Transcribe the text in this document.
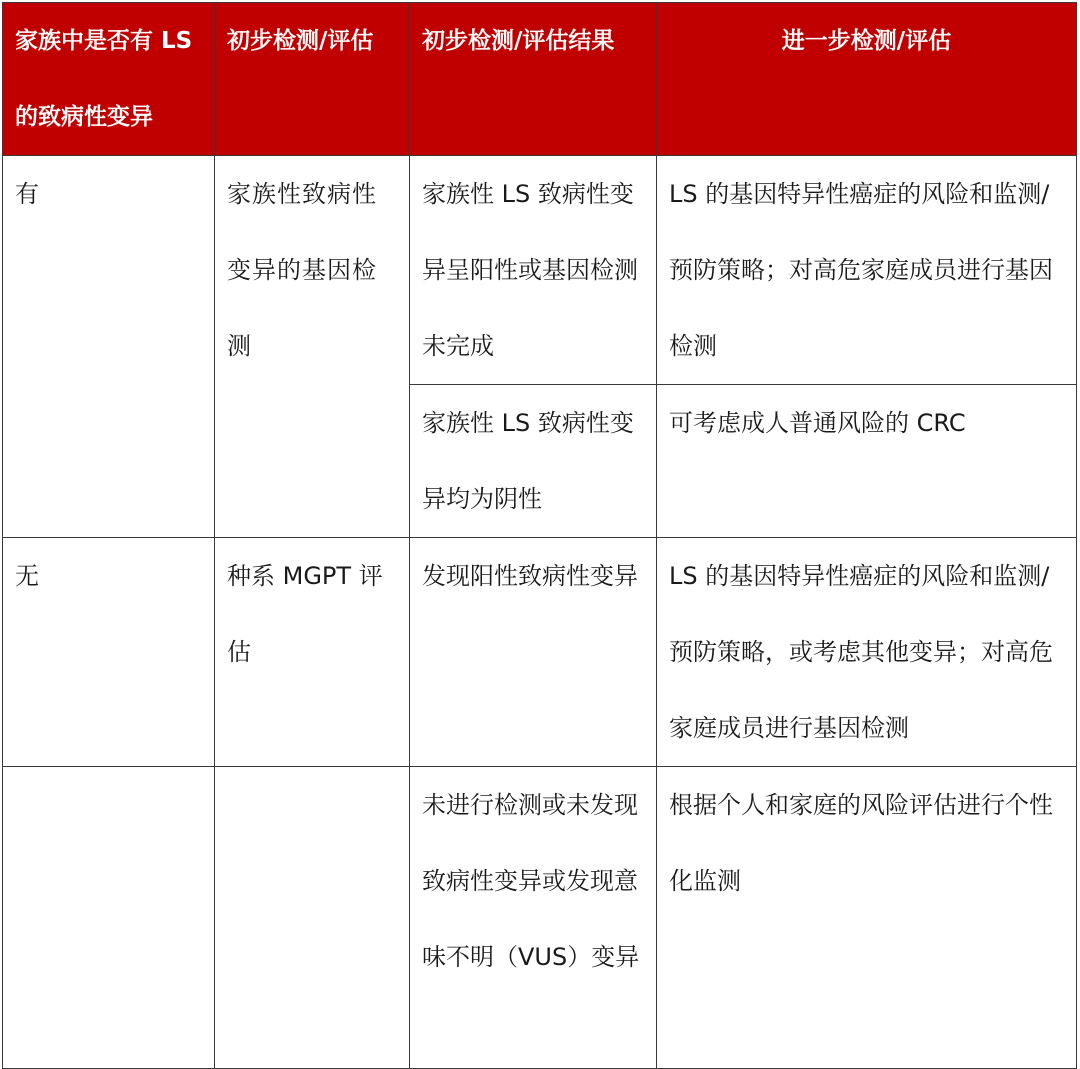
家族中是否有 LS 的致病性变异	初步检测/评估	初步检测/评估结果	进一步检测/评估
有	家族性致病性变异的基因检测	家族性 LS 致病性变异呈阳性或基因检测未完成	LS 的基因特异性癌症的风险和监测/预防策略；对高危家庭成员进行基因检测
		家族性 LS 致病性变异均为阴性	可考虑成人普通风险的 CRC
无	种系 MGPT 评估	发现阳性致病性变异	LS 的基因特异性癌症的风险和监测/预防策略，或考虑其他变异；对高危家庭成员进行基因检测
		未进行检测或未发现致病性变异或发现意味不明（VUS）变异	根据个人和家庭的风险评估进行个性化监测
